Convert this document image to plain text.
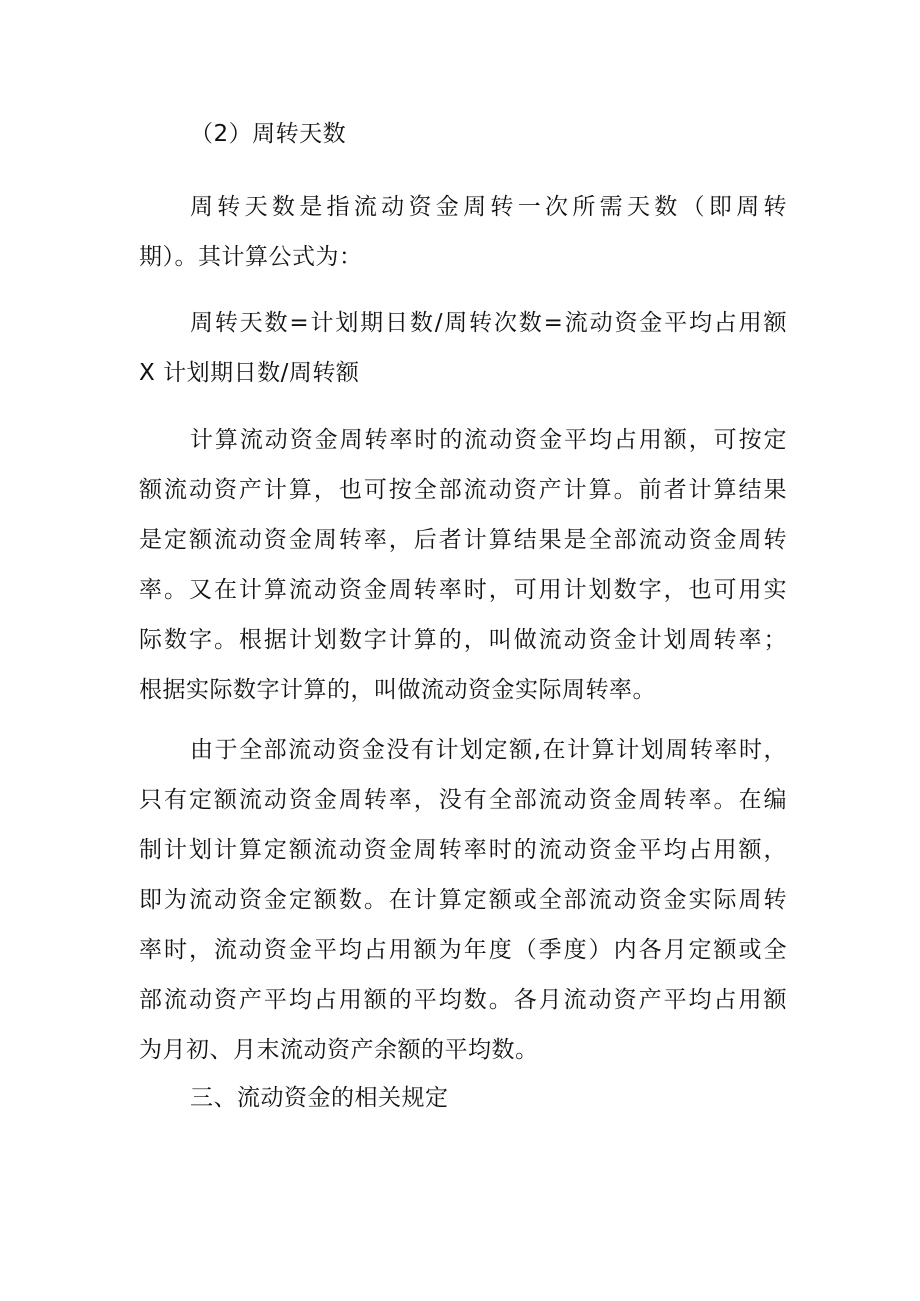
（2）周转天数
周转天数是指流动资金周转一次所需天数（即周转
期）。其计算公式为：
周转天数=计划期日数/周转次数=流动资金平均占用额
X 计划期日数/周转额
计算流动资金周转率时的流动资金平均占用额，可按定
额流动资产计算，也可按全部流动资产计算。前者计算结果
是定额流动资金周转率，后者计算结果是全部流动资金周转
率。又在计算流动资金周转率时，可用计划数字，也可用实
际数字。根据计划数字计算的，叫做流动资金计划周转率；
根据实际数字计算的，叫做流动资金实际周转率。
由于全部流动资金没有计划定额,在计算计划周转率时，
只有定额流动资金周转率，没有全部流动资金周转率。在编
制计划计算定额流动资金周转率时的流动资金平均占用额，
即为流动资金定额数。在计算定额或全部流动资金实际周转
率时，流动资金平均占用额为年度（季度）内各月定额或全
部流动资产平均占用额的平均数。各月流动资产平均占用额
为月初、月末流动资产余额的平均数。
三、流动资金的相关规定
